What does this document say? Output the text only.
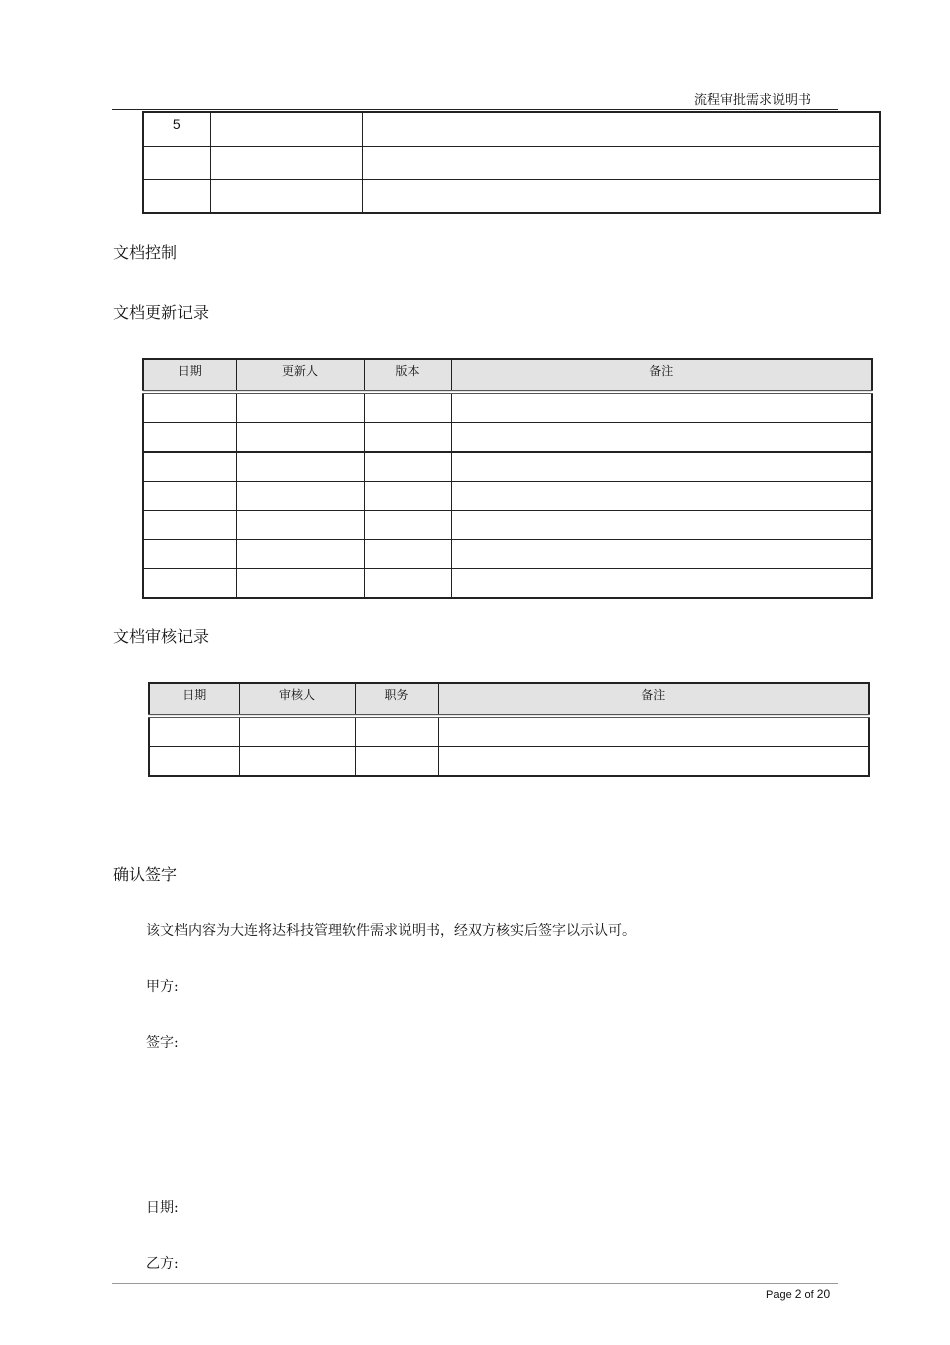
流程审批需求说明书
5		

文档控制
文档更新记录
日期	更新人	版本	备注

文档审核记录
日期	审核人	职务	备注

确认签字
该文档内容为大连将达科技管理软件需求说明书，经双方核实后签字以示认可。
甲方:
签字:
日期:
乙方:
Page 2 of 20
